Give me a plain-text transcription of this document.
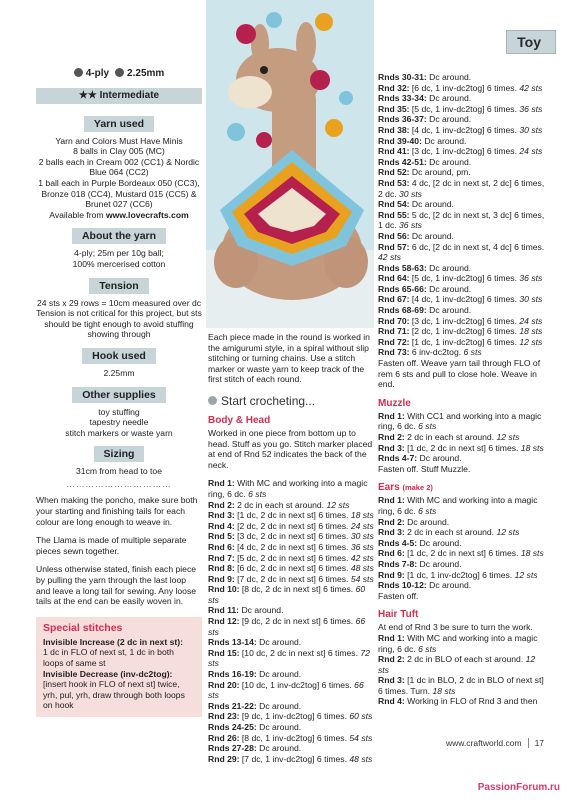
Toy
4-ply	2.25mm
★★ Intermediate
Yarn used

Yarn and Colors Must Have Minis

8 balls in Clay 005 (MC)

2 balls each in Cream 002 (CC1) & Nordic Blue 064 (CC2)

1 ball each in Purple Bordeaux 050 (CC3), Bronze 018 (CC4), Mustard 015 (CC5) & Brunet 027 (CC6)

Available from www.lovecrafts.com

About the yarn

4-ply; 25m per 10g ball;

100% mercerised cotton

Tension

24 sts x 29 rows = 10cm measured over dc Tension is not critical for this project, but sts should be tight enough to avoid stuffing showing through

Hook used

2.25mm

Other supplies

toy stuffing

tapestry needle

stitch markers or waste yarn

Sizing

31cm from head to toe

……………………………

When making the poncho, make sure both your starting and finishing tails for each colour are long enough to weave in.

The Llama is made of multiple separate pieces sewn together.

Unless otherwise stated, finish each piece by pulling the yarn through the last loop and leave a long tail for sewing. Any loose tails at the end can be easily woven in.

Special stitches

Invisible Increase (2 dc in next st):

1 dc in FLO of next st, 1 dc in both loops of same st

Invisible Decrease (inv-dc2tog):

[insert hook in FLO of next st] twice, yrh, pul, yrh, draw through both loops on hook

Each piece made in the round is worked in the amigurumi style, in a spiral without slip stitching or turning chains. Use a stitch marker or waste yarn to keep track of the first stitch of each round.

Start crocheting...
Body & Head

Worked in one piece from bottom up to head. Stuff as you go. Stitch marker placed at end of Rnd 52 indicates the back of the neck.

Rnd 1: With MC and working into a magic ring, 6 dc. 6 sts

Rnd 2: 2 dc in each st around. 12 sts

Rnd 3: [1 dc, 2 dc in next st] 6 times. 18 sts

Rnd 4: [2 dc, 2 dc in next st] 6 times. 24 sts

Rnd 5: [3 dc, 2 dc in next st] 6 times. 30 sts

Rnd 6: [4 dc, 2 dc in next st] 6 times. 36 sts

Rnd 7: [5 dc, 2 dc in next st] 6 times. 42 sts

Rnd 8: [6 dc, 2 dc in next st] 6 times. 48 sts

Rnd 9: [7 dc, 2 dc in next st] 6 times. 54 sts

Rnd 10: [8 dc, 2 dc in next st] 6 times. 60 sts

Rnd 11: Dc around.

Rnd 12: [9 dc, 2 dc in next st] 6 times. 66 sts

Rnds 13-14: Dc around.

Rnd 15: [10 dc, 2 dc in next st] 6 times. 72 sts

Rnds 16-19: Dc around.

Rnd 20: [10 dc, 1 inv-dc2tog] 6 times. 66 sts

Rnds 21-22: Dc around.

Rnd 23: [9 dc, 1 inv-dc2tog] 6 times. 60 sts

Rnds 24-25: Dc around.

Rnd 26: [8 dc, 1 inv-dc2tog] 6 times. 54 sts

Rnds 27-28: Dc around.

Rnd 29: [7 dc, 1 inv-dc2tog] 6 times. 48 sts

Rnds 30-31: Dc around.

Rnd 32: [6 dc, 1 inv-dc2tog] 6 times. 42 sts

Rnds 33-34: Dc around.

Rnd 35: [5 dc, 1 inv-dc2tog] 6 times. 36 sts

Rnds 36-37: Dc around.

Rnd 38: [4 dc, 1 inv-dc2tog] 6 times. 30 sts

Rnd 39-40: Dc around.

Rnd 41: [3 dc, 1 inv-dc2tog] 6 times. 24 sts

Rnds 42-51: Dc around.

Rnd 52: Dc around, pm.

Rnd 53: 4 dc, [2 dc in next st, 2 dc] 6 times, 2 dc. 30 sts

Rnd 54: Dc around.

Rnd 55: 5 dc, [2 dc in next st, 3 dc] 6 times, 1 dc. 36 sts

Rnd 56: Dc around.

Rnd 57: 6 dc, [2 dc in next st, 4 dc] 6 times. 42 sts

Rnds 58-63: Dc around.

Rnd 64: [5 dc, 1 inv-dc2tog] 6 times. 36 sts

Rnds 65-66: Dc around.

Rnd 67: [4 dc, 1 inv-dc2tog] 6 times. 30 sts

Rnds 68-69: Dc around.

Rnd 70: [3 dc, 1 inv-dc2tog] 6 times. 24 sts

Rnd 71: [2 dc, 1 inv-dc2tog] 6 times. 18 sts

Rnd 72: [1 dc, 1 inv-dc2tog] 6 times. 12 sts

Rnd 73: 6 inv-dc2tog. 6 sts

Fasten off. Weave yarn tail through FLO of rem 6 sts and pull to close hole. Weave in end.

Muzzle

Rnd 1: With CC1 and working into a magic ring, 6 dc. 6 sts

Rnd 2: 2 dc in each st around. 12 sts

Rnd 3: [1 dc, 2 dc in next st] 6 times. 18 sts

Rnds 4-7: Dc around.

Fasten off. Stuff Muzzle.

Ears (make 2)

Rnd 1: With MC and working into a magic ring, 6 dc. 6 sts

Rnd 2: Dc around.

Rnd 3: 2 dc in each st around. 12 sts

Rnds 4-5: Dc around.

Rnd 6: [1 dc, 2 dc in next st] 6 times. 18 sts

Rnds 7-8: Dc around.

Rnd 9: [1 dc, 1 inv-dc2tog] 6 times. 12 sts

Rnds 10-12: Dc around.

Fasten off.

Hair Tuft

At end of Rnd 3 be sure to turn the work.

Rnd 1: With MC and working into a magic ring, 6 dc. 6 sts

Rnd 2: 2 dc in BLO of each st around. 12 sts

Rnd 3: [1 dc in BLO, 2 dc in BLO of next st] 6 times. Turn. 18 sts

Rnd 4: Working in FLO of Rnd 3 and then

www.craftworld.com 17
PassionForum.ru
